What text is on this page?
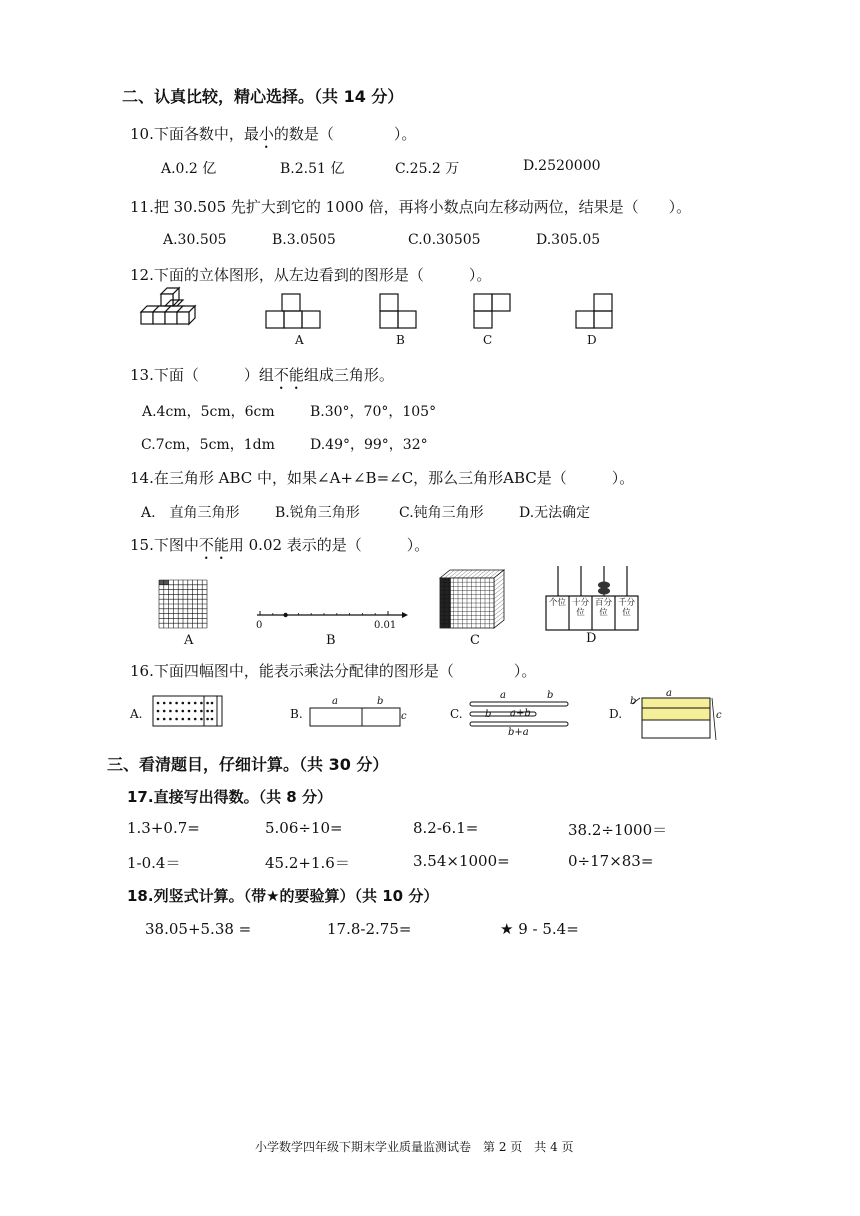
二、认真比较，精心选择。（共 14 分）
10.下面各数中，最小的数是（　　　　）。
A.0.2 亿	B.2.51 亿	C.25.2 万	D.2520000
11.把 30.505 先扩大到它的 1000 倍，再将小数点向左移动两位，结果是（　　）。
A.30.505	B.3.0505	C.0.30505	D.305.05
12.下面的立体图形，从左边看到的图形是（　　　）。
A	B	C	D
13.下面（　　　）组不能组成三角形。
A.4cm，5cm，6cm	B.30°，70°，105°
C.7cm，5cm，1dm	D.49°，99°，32°
14.在三角形 ABC 中，如果∠A+∠B=∠C，那么三角形ABC是（　　　）。
A.　直角三角形	B.锐角三角形	C.钝角三角形	D.无法确定
15.下图中不能用 0.02 表示的是（　　　）。
0	0.01
个位 十分位
百分位
千分位
A	B	C	D
16.下面四幅图中，能表示乘法分配律的图形是（　　　　）。
A.	B.
a	b
c	C.
a	b
b a+b
b+a
D.
a
b
c
三、看清题目，仔细计算。（共 30 分）
17.直接写出得数。（共 8 分）
1.3+0.7=	5.06÷10=	8.2-6.1=	38.2÷1000＝
1-0.4＝	45.2+1.6＝	3.54×1000=	0÷17×83=
18.列竖式计算。（带★的要验算）（共 10 分）
38.05+5.38 =	17.8-2.75=	★ 9 - 5.4=
小学数学四年级下期末学业质量监测试卷　第 2 页　共 4 页
